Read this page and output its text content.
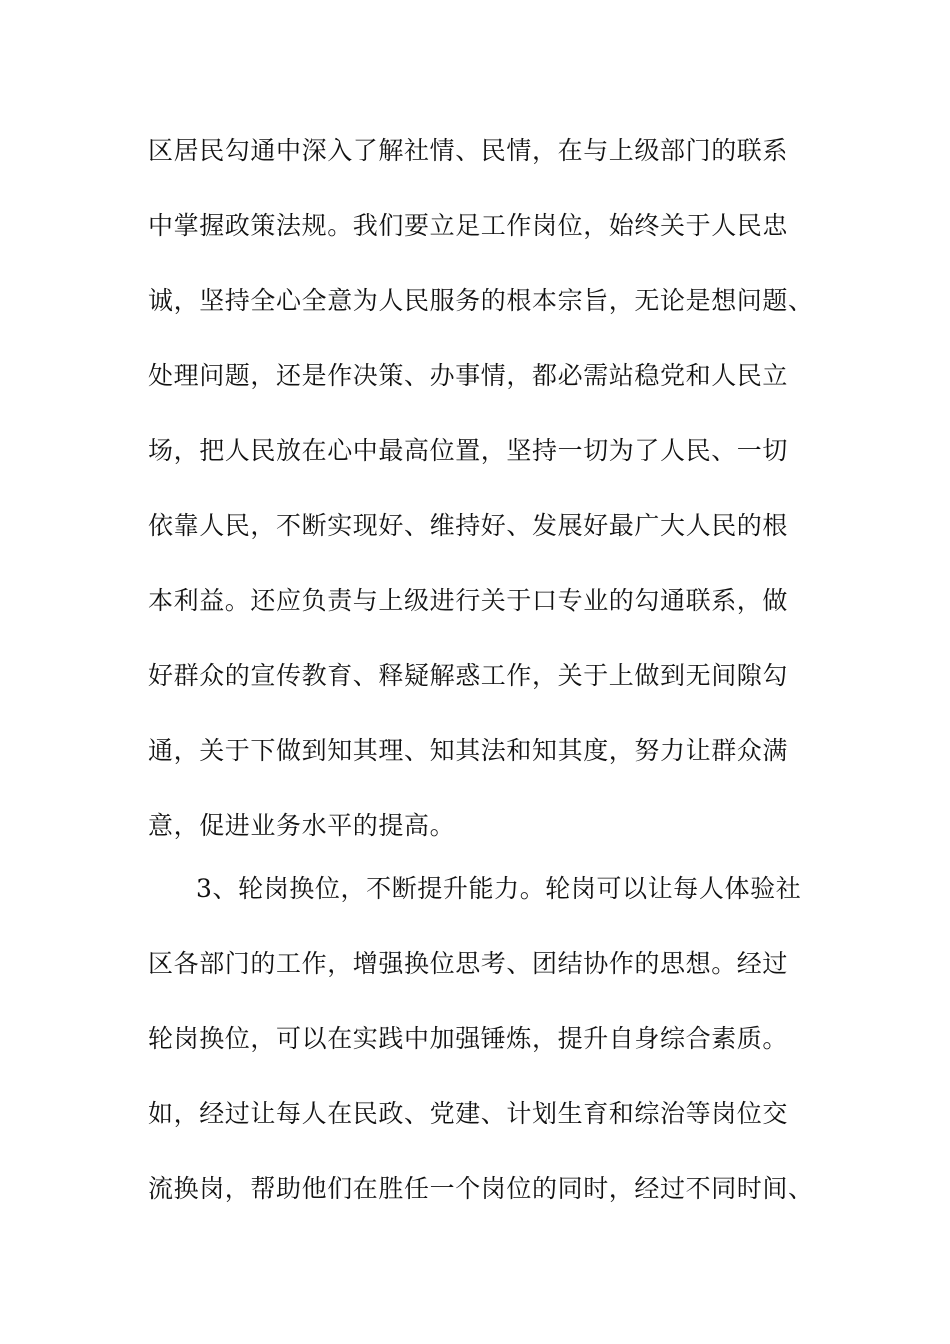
区居民勾通中深入了解社情、民情，在与上级部门的联系
中掌握政策法规。我们要立足工作岗位，始终关于人民忠
诚，坚持全心全意为人民服务的根本宗旨，无论是想问题、
处理问题，还是作决策、办事情，都必需站稳党和人民立
场，把人民放在心中最高位置，坚持一切为了人民、一切
依靠人民，不断实现好、维持好、发展好最广大人民的根
本利益。还应负责与上级进行关于口专业的勾通联系，做
好群众的宣传教育、释疑解惑工作，关于上做到无间隙勾
通，关于下做到知其理、知其法和知其度，努力让群众满
意，促进业务水平的提高。
3、轮岗换位，不断提升能力。轮岗可以让每人体验社
区各部门的工作，增强换位思考、团结协作的思想。经过
轮岗换位，可以在实践中加强锤炼，提升自身综合素质。
如，经过让每人在民政、党建、计划生育和综治等岗位交
流换岗，帮助他们在胜任一个岗位的同时，经过不同时间、
